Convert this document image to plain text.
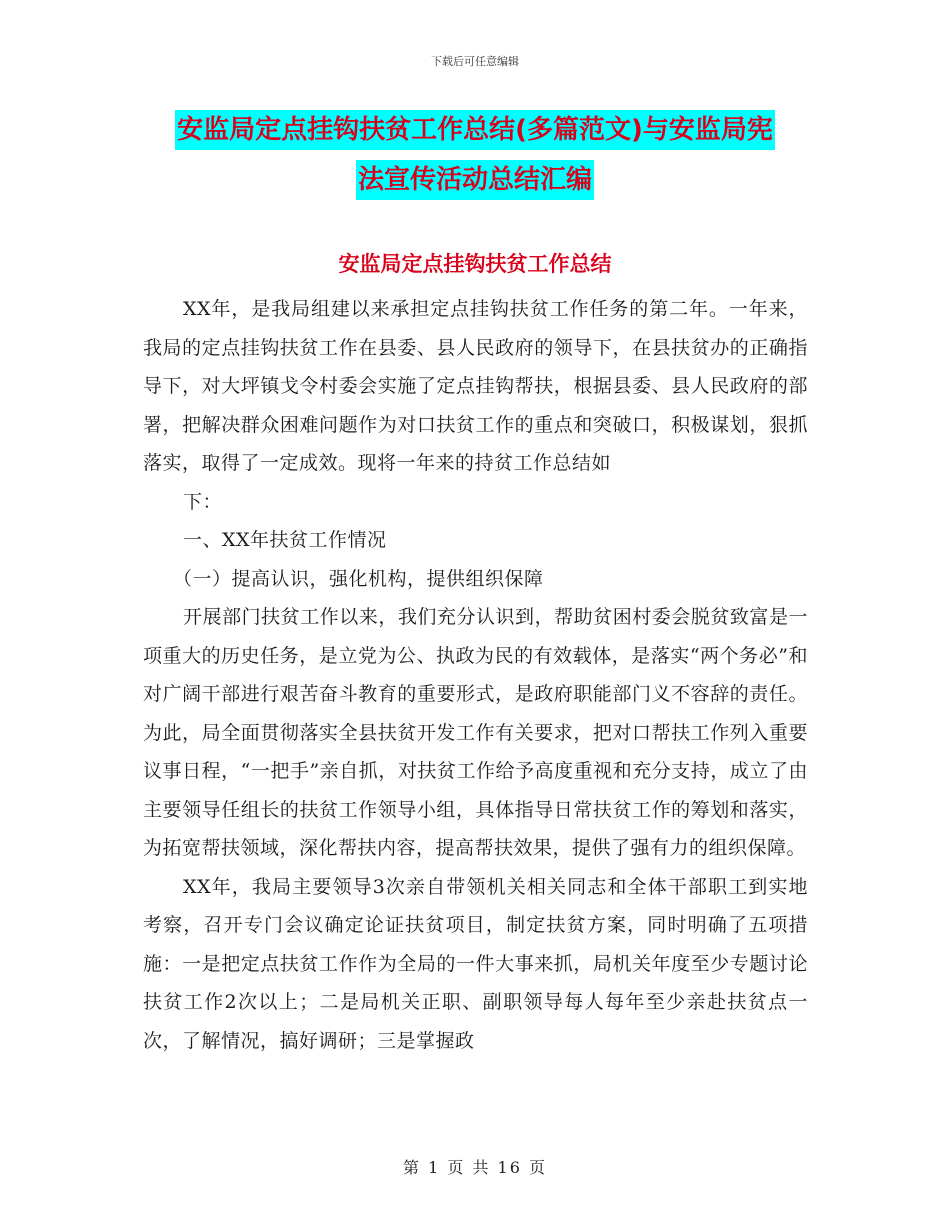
下载后可任意编辑
安监局定点挂钩扶贫工作总结(多篇范文)与安监局宪
法宣传活动总结汇编
安监局定点挂钩扶贫工作总结

XX年，是我局组建以来承担定点挂钩扶贫工作任务的第二年。一年来，我局的定点挂钩扶贫工作在县委、县人民政府的领导下，在县扶贫办的正确指导下，对大坪镇戈令村委会实施了定点挂钩帮扶，根据县委、县人民政府的部署，把解决群众困难问题作为对口扶贫工作的重点和突破口，积极谋划，狠抓落实，取得了一定成效。现将一年来的持贫工作总结如

下：

一、XX年扶贫工作情况

（一）提高认识，强化机构，提供组织保障

开展部门扶贫工作以来，我们充分认识到，帮助贫困村委会脱贫致富是一项重大的历史任务，是立党为公、执政为民的有效载体，是落实“两个务必”和对广阔干部进行艰苦奋斗教育的重要形式，是政府职能部门义不容辞的责任。为此，局全面贯彻落实全县扶贫开发工作有关要求，把对口帮扶工作列入重要议事日程，“一把手”亲自抓，对扶贫工作给予高度重视和充分支持，成立了由主要领导任组长的扶贫工作领导小组，具体指导日常扶贫工作的筹划和落实，为拓宽帮扶领域，深化帮扶内容，提高帮扶效果，提供了强有力的组织保障。

XX年，我局主要领导3次亲自带领机关相关同志和全体干部职工到实地考察，召开专门会议确定论证扶贫项目，制定扶贫方案，同时明确了五项措施：一是把定点扶贫工作作为全局的一件大事来抓，局机关年度至少专题讨论扶贫工作2次以上；二是局机关正职、副职领导每人每年至少亲赴扶贫点一次，了解情况，搞好调研；三是掌握政

第 1 页 共 16 页
